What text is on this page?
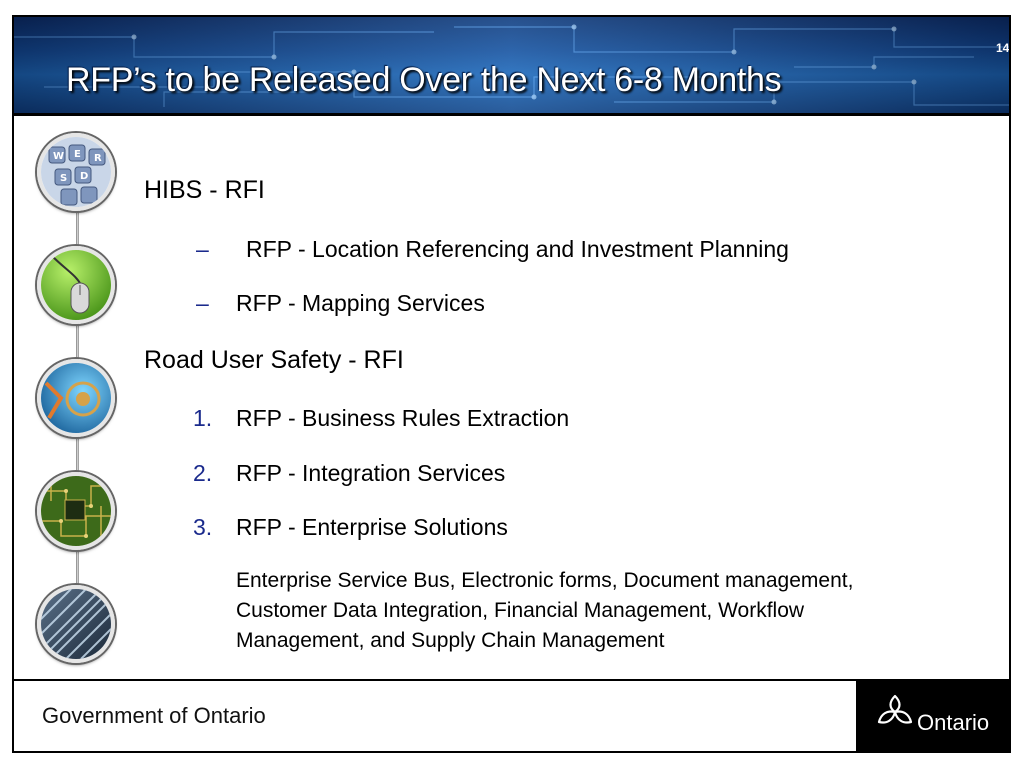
RFP’s to be Released Over the Next 6-8 Months
14
W E R
S D HIBS - RFI
– RFP - Location Referencing and Investment Planning
– RFP - Mapping Services
Road User Safety - RFI
1. RFP - Business Rules Extraction
2. RFP - Integration Services
3. RFP - Enterprise Solutions
Enterprise Service Bus, Electronic forms, Document management,
Customer Data Integration, Financial Management, Workflow
Management, and Supply Chain Management
Government of Ontario	Ontario
